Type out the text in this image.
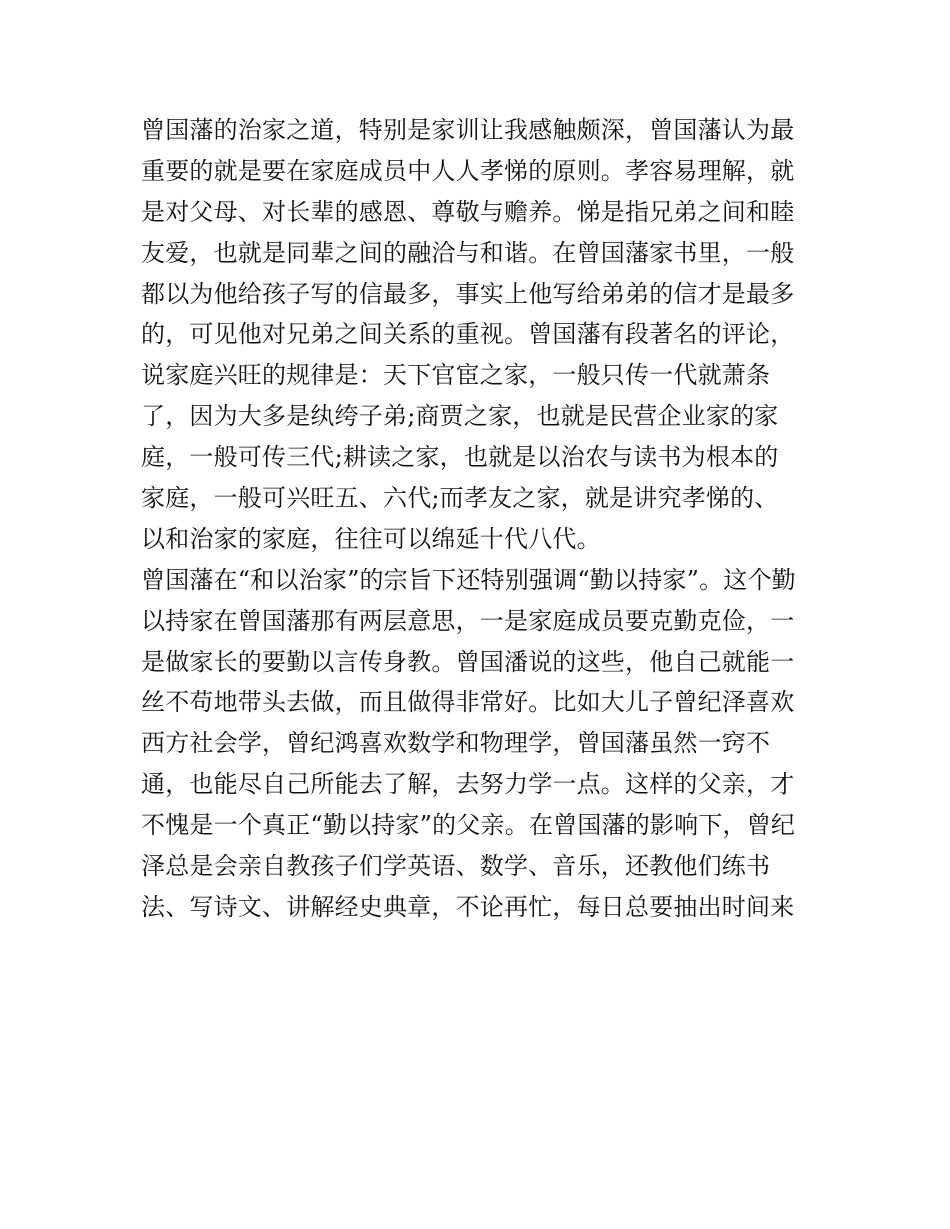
曾国藩的治家之道，特别是家训让我感触颇深，曾国藩认为最
重要的就是要在家庭成员中人人孝悌的原则。孝容易理解，就
是对父母、对长辈的感恩、尊敬与赡养。悌是指兄弟之间和睦
友爱，也就是同辈之间的融洽与和谐。在曾国藩家书里，一般
都以为他给孩子写的信最多，事实上他写给弟弟的信才是最多
的，可见他对兄弟之间关系的重视。曾国藩有段著名的评论，
说家庭兴旺的规律是：天下官宦之家，一般只传一代就萧条
了，因为大多是纨绔子弟;商贾之家，也就是民营企业家的家
庭，一般可传三代;耕读之家，也就是以治农与读书为根本的
家庭，一般可兴旺五、六代;而孝友之家，就是讲究孝悌的、
以和治家的家庭，往往可以绵延十代八代。
曾国藩在“和以治家”的宗旨下还特别强调“勤以持家”。这个勤
以持家在曾国藩那有两层意思，一是家庭成员要克勤克俭，一
是做家长的要勤以言传身教。曾国潘说的这些，他自己就能一
丝不苟地带头去做，而且做得非常好。比如大儿子曾纪泽喜欢
西方社会学，曾纪鸿喜欢数学和物理学，曾国藩虽然一窍不
通，也能尽自己所能去了解，去努力学一点。这样的父亲，才
不愧是一个真正“勤以持家”的父亲。在曾国藩的影响下，曾纪
泽总是会亲自教孩子们学英语、数学、音乐，还教他们练书
法、写诗文、讲解经史典章，不论再忙，每日总要抽出时间来
